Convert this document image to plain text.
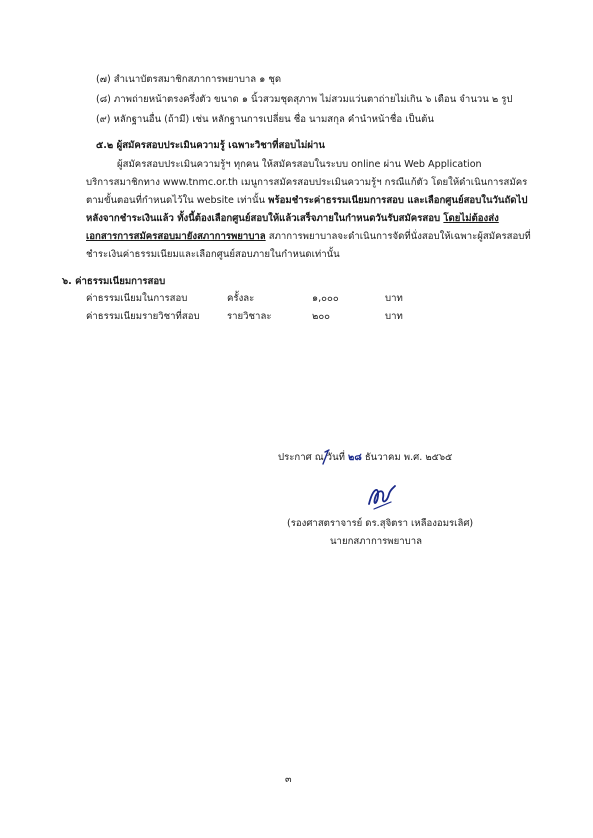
(๗) สำเนาบัตรสมาชิกสภาการพยาบาล ๑ ชุด
(๘) ภาพถ่ายหน้าตรงครึ่งตัว ขนาด ๑ นิ้วสวมชุดสุภาพ ไม่สวมแว่นตาถ่ายไม่เกิน ๖ เดือน จำนวน ๒ รูป
(๙) หลักฐานอื่น (ถ้ามี) เช่น หลักฐานการเปลี่ยน ชื่อ นามสกุล คำนำหน้าชื่อ เป็นต้น
๕.๒ ผู้สมัครสอบประเมินความรู้ เฉพาะวิชาที่สอบไม่ผ่าน
ผู้สมัครสอบประเมินความรู้ฯ ทุกคน ให้สมัครสอบในระบบ online ผ่าน Web Application
บริการสมาชิกทาง www.tnmc.or.th เมนูการสมัครสอบประเมินความรู้ฯ กรณีแก้ตัว โดยให้ดำเนินการสมัคร
ตามขั้นตอนที่กำหนดไว้ใน website เท่านั้น พร้อมชำระค่าธรรมเนียมการสอบ และเลือกศูนย์สอบในวันถัดไป
หลังจากชำระเงินแล้ว ทั้งนี้ต้องเลือกศูนย์สอบให้แล้วเสร็จภายในกำหนดวันรับสมัครสอบ โดยไม่ต้องส่ง
เอกสารการสมัครสอบมายังสภาการพยาบาล สภาการพยาบาลจะดำเนินการจัดที่นั่งสอบให้เฉพาะผู้สมัครสอบที่
ชำระเงินค่าธรรมเนียมและเลือกศูนย์สอบภายในกำหนดเท่านั้น
๖. ค่าธรรมเนียมการสอบ
ค่าธรรมเนียมในการสอบ	ครั้งละ	๑,๐๐๐	บาท
ค่าธรรมเนียมรายวิชาที่สอบ	รายวิชาละ	๒๐๐	บาท
ประกาศ ณ วันที่ ๒๘ ธันวาคม พ.ศ. ๒๕๖๕
(รองศาสตราจารย์ ดร.สุจิตรา เหลืองอมรเลิศ)
นายกสภาการพยาบาล
๓
